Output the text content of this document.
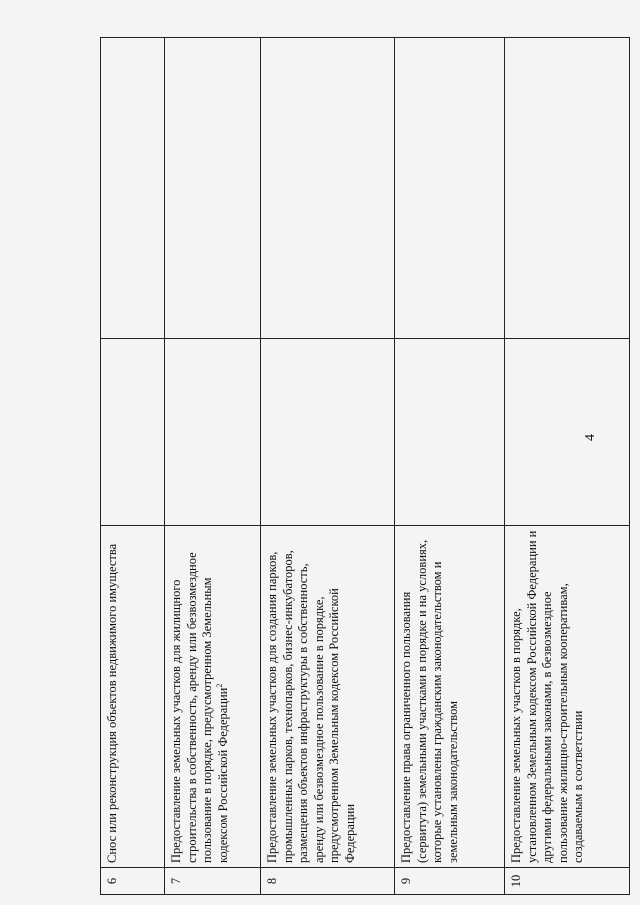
4
6	Снос или реконструкция объектов недвижимого имущества		
7	Предоставление земельных участков для жилищного строительства в собственность, аренду или безвозмездное пользование в порядке, предусмотренном Земельным кодексом Российской Федерации$^2$		
8	Предоставление земельных участков для создания парков, промышленных парков, технопарков, бизнес-инкубаторов, размещения объектов инфраструктуры в собственность, аренду или безвозмездное пользование в порядке, предусмотренном Земельным кодексом Российской Федерации		
9	Предоставление права ограниченного пользования (сервитута) земельными участками в порядке и на условиях, которые установлены гражданским законодательством и земельным законодательством		
10	Предоставление земельных участков в порядке, установленном Земельным кодексом Российской Федерации и другими федеральными законами, в безвозмездное пользование жилищно-строительным кооперативам, создаваемым в соответствии		
